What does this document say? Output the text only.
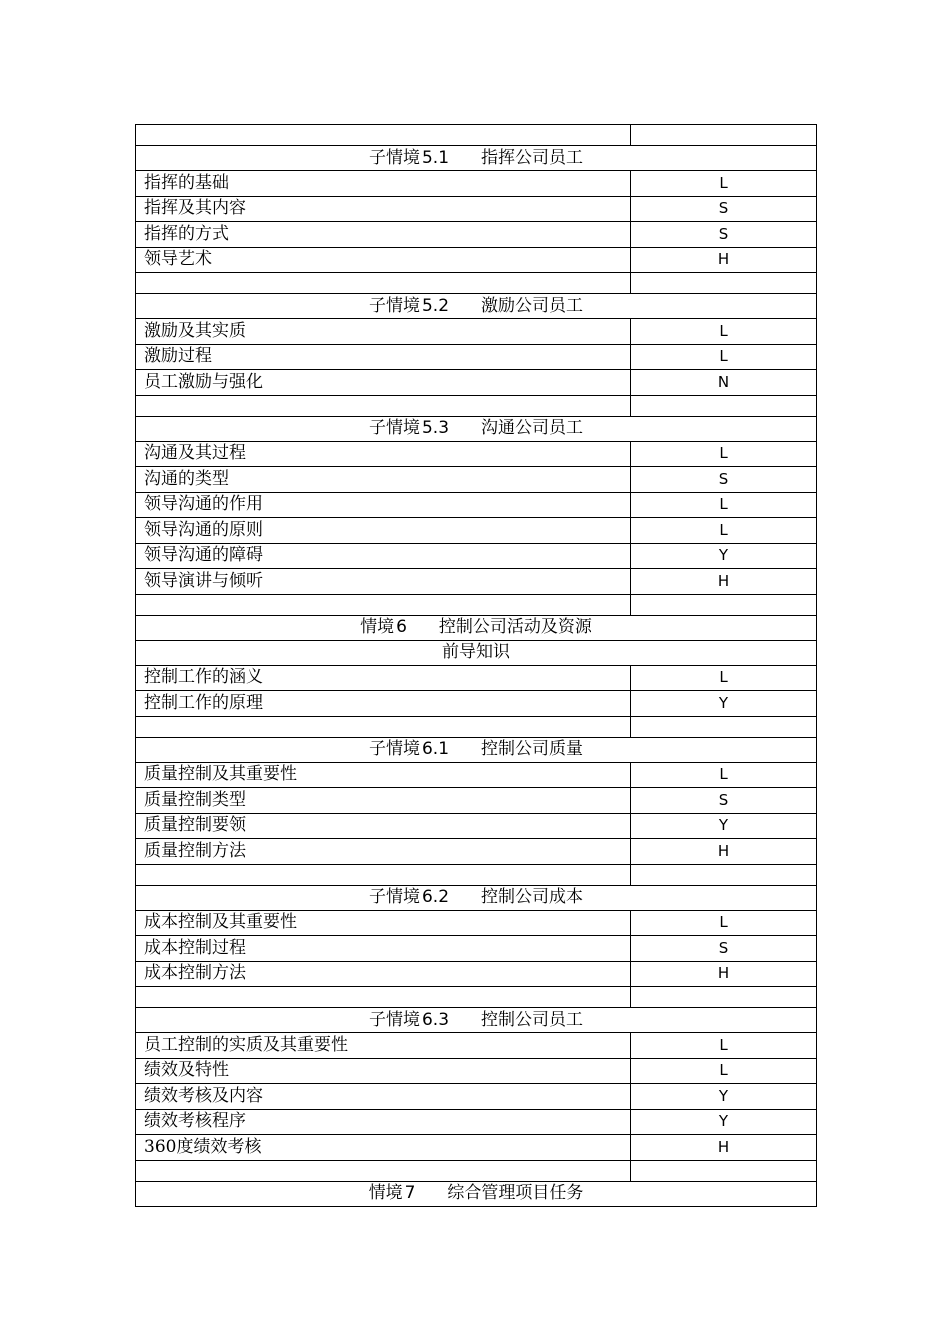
子情境 5.1 指挥公司员工	
指挥的基础	L
指挥及其内容	S
指挥的方式	S
领导艺术	H

子情境 5.2 激励公司员工	
激励及其实质	L
激励过程	L
员工激励与强化	N

子情境 5.3 沟通公司员工	
沟通及其过程	L
沟通的类型	S
领导沟通的作用	L
领导沟通的原则	L
领导沟通的障碍	Y
领导演讲与倾听	H

情境 6 控制公司活动及资源	
前导知识	
控制工作的涵义	L
控制工作的原理	Y

子情境 6.1 控制公司质量	
质量控制及其重要性	L
质量控制类型	S
质量控制要领	Y
质量控制方法	H

子情境 6.2 控制公司成本	
成本控制及其重要性	L
成本控制过程	S
成本控制方法	H

子情境 6.3 控制公司员工	
员工控制的实质及其重要性	L
绩效及特性	L
绩效考核及内容	Y
绩效考核程序	Y
360度绩效考核	H

情境 7 综合管理项目任务	
